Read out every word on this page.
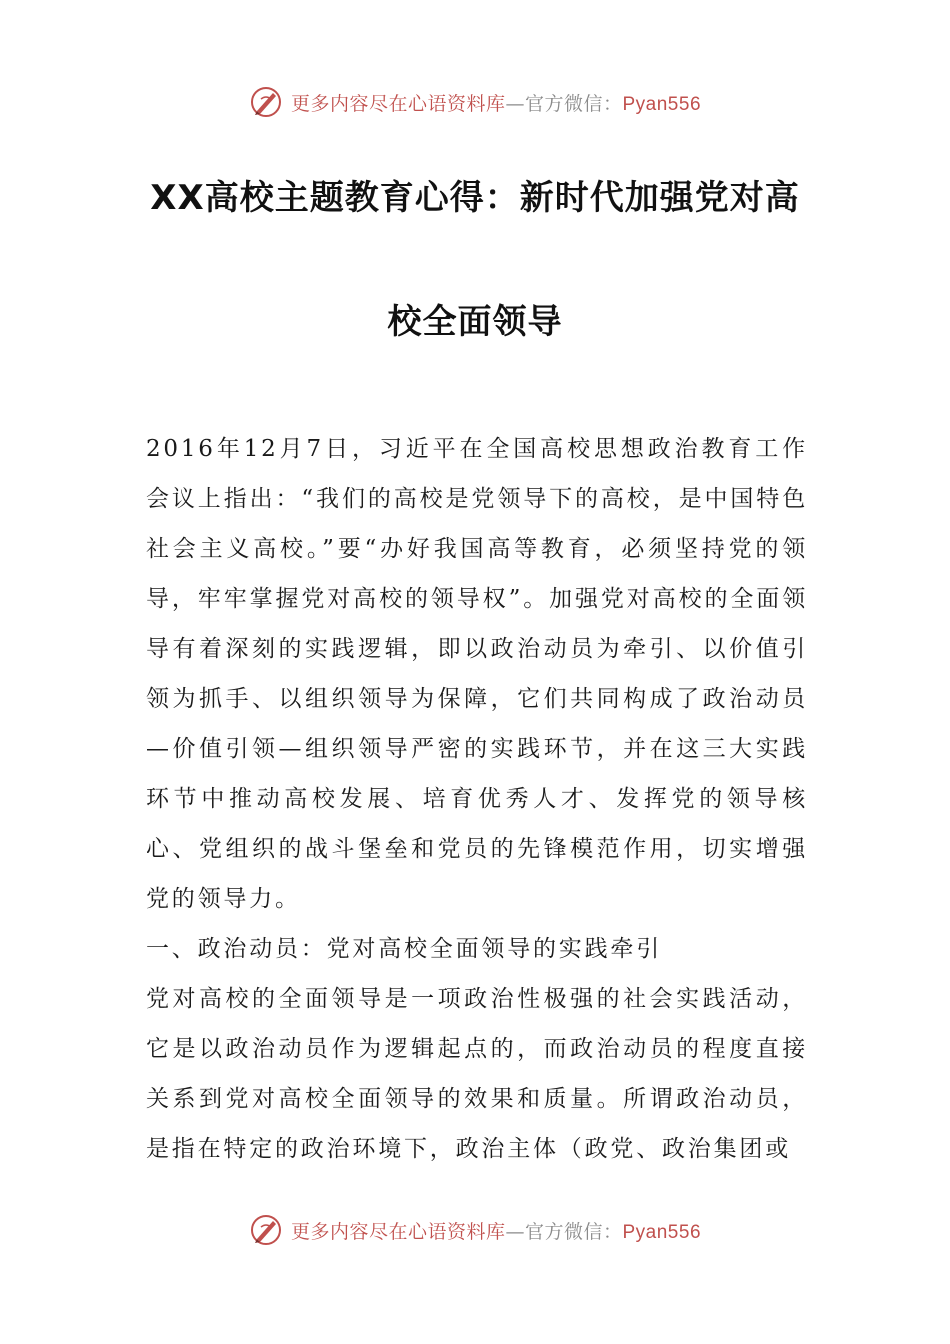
更多内容尽在心语资料库—官方微信：Pyan556
XX高校主题教育心得：新时代加强党对高
校全面领导

2016年12月7日，习近平在全国高校思想政治教育工作会议上指出：“我们的高校是党领导下的高校，是中国特色社会主义高校。”要“办好我国高等教育，必须坚持党的领导，牢牢掌握党对高校的领导权”。加强党对高校的全面领导有着深刻的实践逻辑，即以政治动员为牵引、以价值引领为抓手、以组织领导为保障，它们共同构成了政治动员—价值引领—组织领导严密的实践环节，并在这三大实践环节中推动高校发展、培育优秀人才、发挥党的领导核心、党组织的战斗堡垒和党员的先锋模范作用，切实增强党的领导力。

一、政治动员：党对高校全面领导的实践牵引

党对高校的全面领导是一项政治性极强的社会实践活动，它是以政治动员作为逻辑起点的，而政治动员的程度直接关系到党对高校全面领导的效果和质量。所谓政治动员，是指在特定的政治环境下，政治主体（政党、政治集团或

更多内容尽在心语资料库—官方微信：Pyan556
